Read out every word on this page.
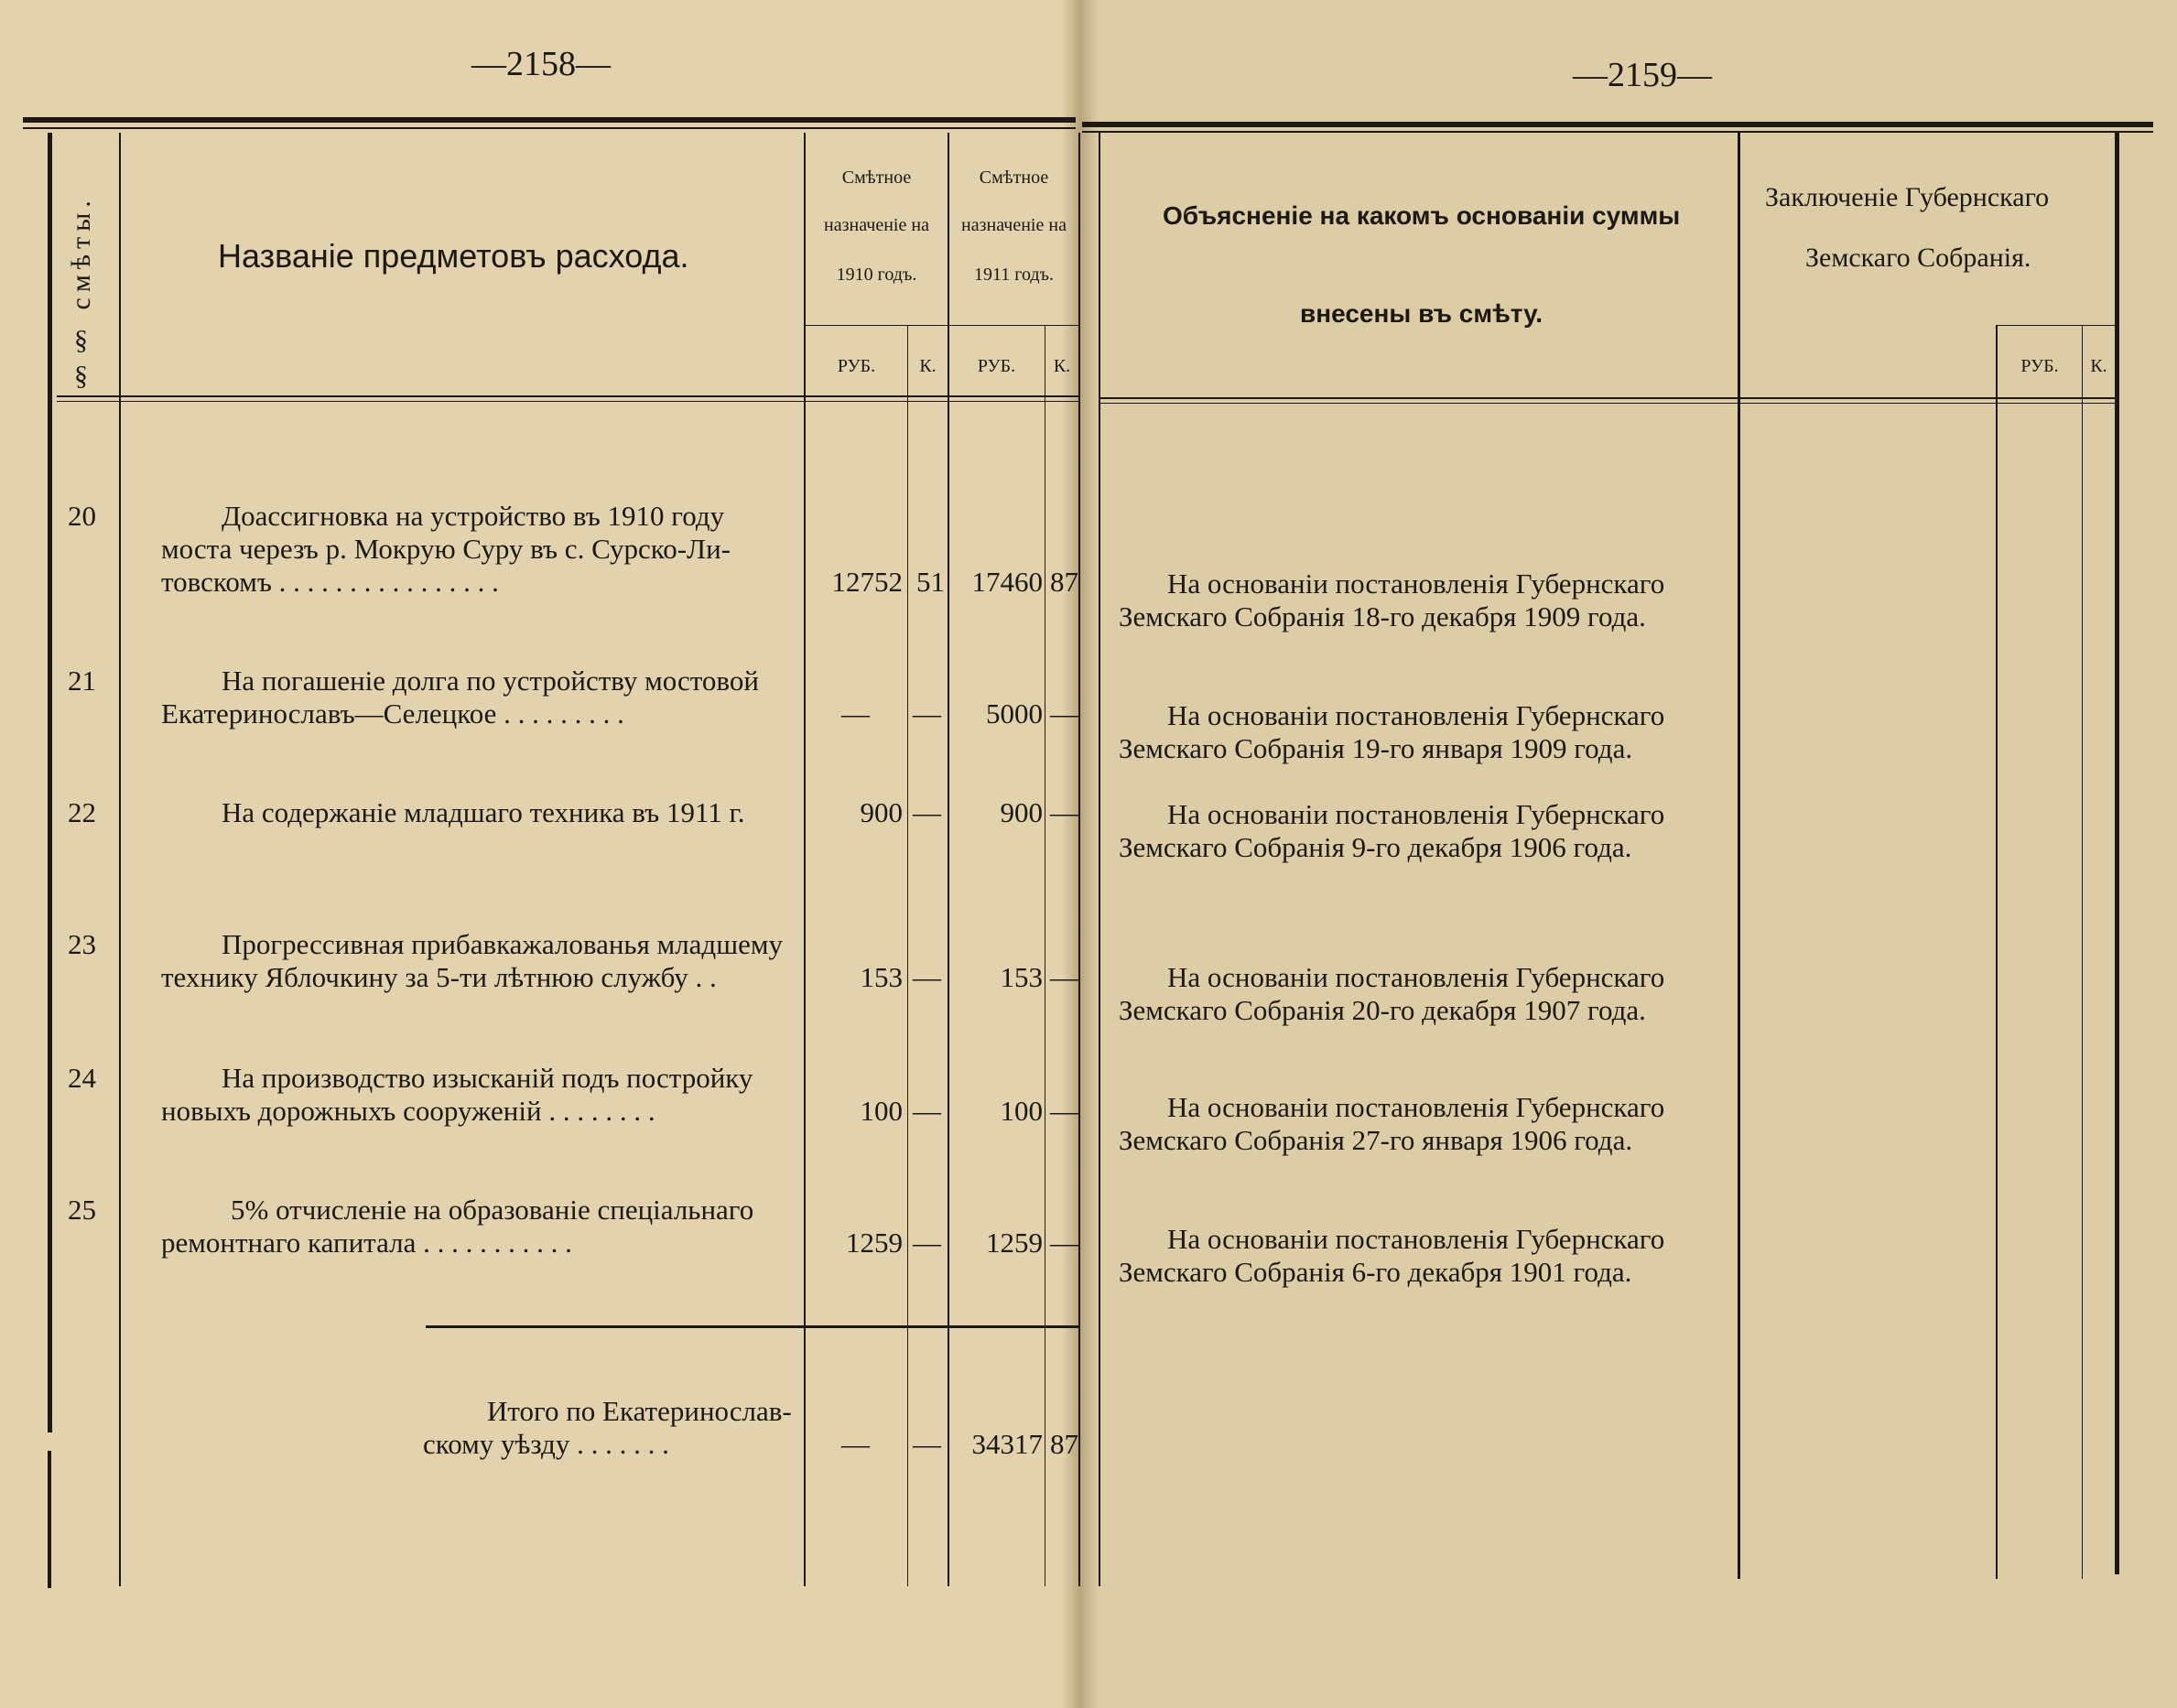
—2158—	—2159—
§§ смѣты.	Названіе предметовъ расхода.
Смѣтное
назначеніе на
1910 годъ.
Смѣтное
назначеніе на
1911 годъ.
РУБ.	К.	РУБ.	К.
Объясненіе на какомъ основаніи суммы
внесены въ смѣту.
Заключеніе Губернскаго
Земскаго Собранія.
РУБ.	К.
20	Доассигновка на устройство въ 1910 году
моста черезъ р. Мокрую Суру въ с. Сурско-Ли-
товскомъ . . . . . . . . . . . . . . . .	12752 51 17460 87	На основаніи постановленія Губернскаго
Земскаго Собранія 18-го декабря 1909 года.
21	На погашеніе долга по устройству мостовой
Екатеринославъ—Селецкое . . . . . . . . .	— —	5000 —	На основаніи постановленія Губернскаго
Земскаго Собранія 19-го января 1909 года.
22	На содержаніе младшаго техника въ 1911 г.	900 —	900 —	На основаніи постановленія Губернскаго
Земскаго Собранія 9-го декабря 1906 года.
23	Прогрессивная прибавкажалованья младшему
технику Яблочкину за 5-ти лѣтнюю службу . .	153 —	153 —	На основаніи постановленія Губернскаго
Земскаго Собранія 20-го декабря 1907 года.
24	На производство изысканій подъ постройку
новыхъ дорожныхъ сооруженій . . . . . . . .	100 —	100 —	На основаніи постановленія Губернскаго
Земскаго Собранія 27-го января 1906 года.
25	5% отчисленіе на образованіе спеціальнаго
ремонтнаго капитала . . . . . . . . . . .	1259 —	1259 —	На основаніи постановленія Губернскаго
Земскаго Собранія 6-го декабря 1901 года.
Итого по Екатеринослав-
скому уѣзду . . . . . . .	— —	34317 87
